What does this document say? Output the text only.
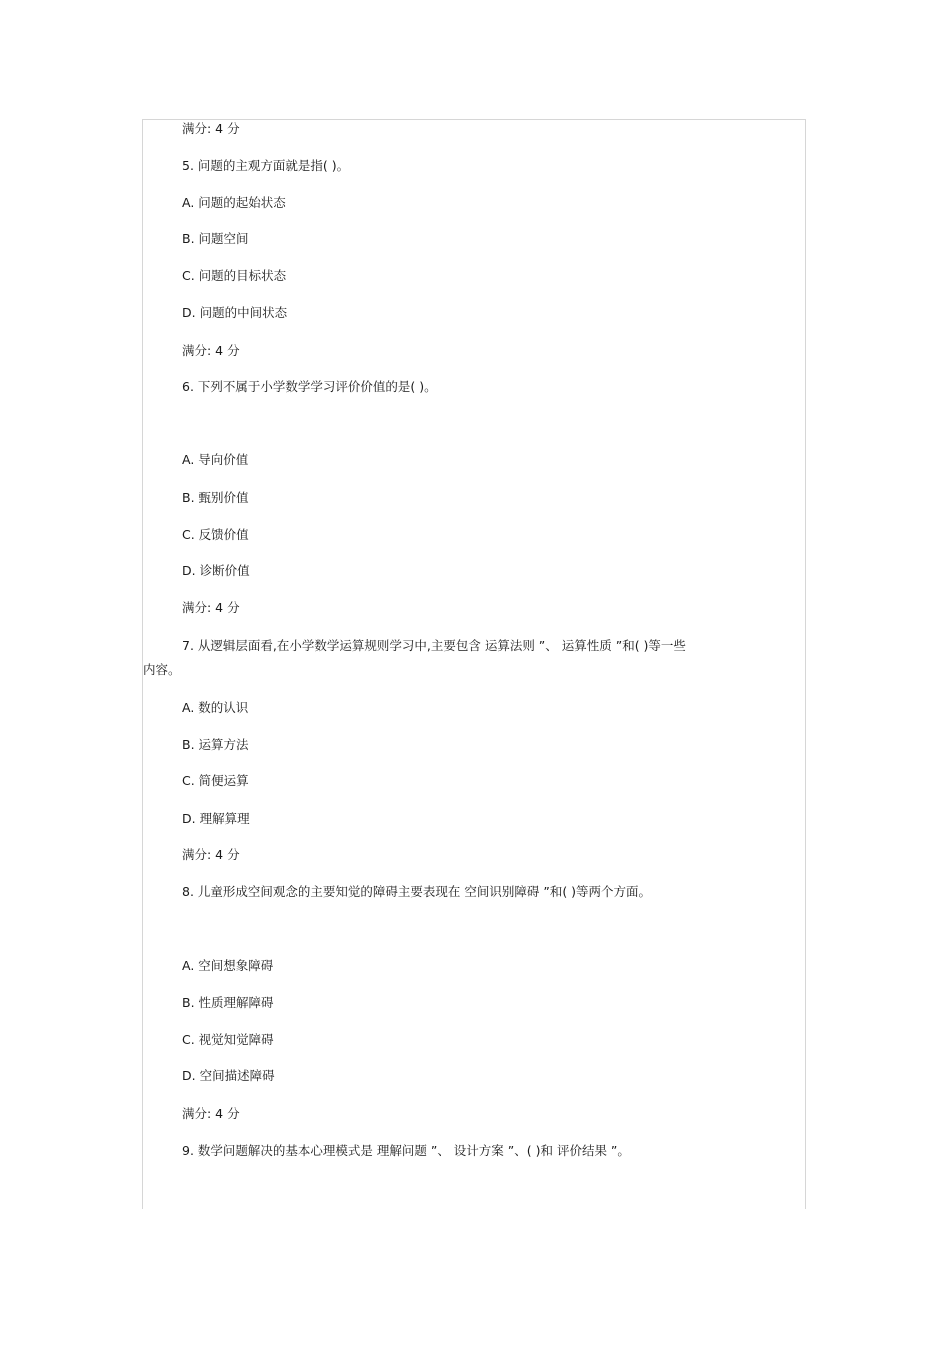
满分: 4 分
5. 问题的主观方面就是指( )。
A. 问题的起始状态
B. 问题空间
C. 问题的目标状态
D. 问题的中间状态
满分: 4 分
6. 下列不属于小学数学学习评价价值的是( )。
A. 导向价值
B. 甄别价值
C. 反馈价值
D. 诊断价值
满分: 4 分
7. 从逻辑层面看,在小学数学运算规则学习中,主要包含 运算法则 ”、 运算性质 ”和( )等一些
内容。
A. 数的认识
B. 运算方法
C. 简便运算
D. 理解算理
满分: 4 分
8. 儿童形成空间观念的主要知觉的障碍主要表现在 空间识别障碍 ”和( )等两个方面。
A. 空间想象障碍
B. 性质理解障碍
C. 视觉知觉障碍
D. 空间描述障碍
满分: 4 分
9. 数学问题解决的基本心理模式是 理解问题 ”、 设计方案 ”、( )和 评价结果 ”。
